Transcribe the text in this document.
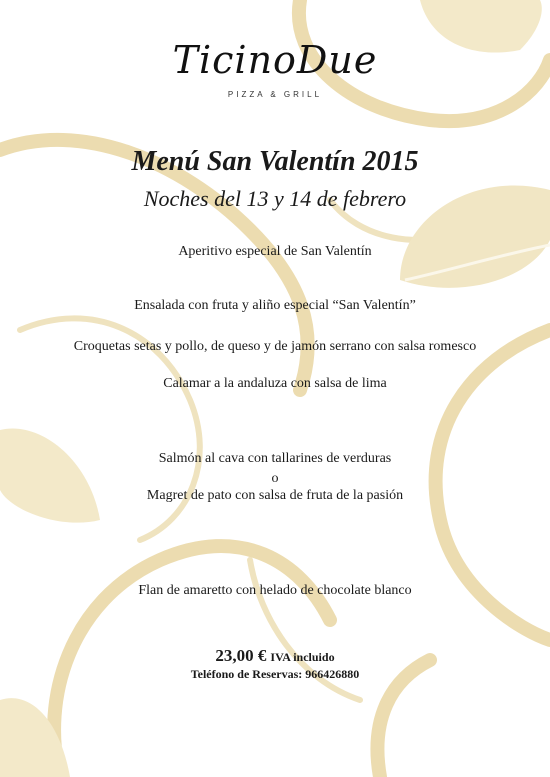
TicinoDue
PIZZA & GRILL
Menú San Valentín 2015
Noches del 13 y 14 de febrero
Aperitivo especial de San Valentín
Ensalada con fruta y aliño especial “San Valentín”
Croquetas setas y pollo, de queso y de jamón serrano con salsa romesco
Calamar a la andaluza con salsa de lima
Salmón al cava con tallarines de verduras
o
Magret de pato con salsa de fruta de la pasión
Flan de amaretto con helado de chocolate blanco
23,00 € IVA incluido
Teléfono de Reservas: 966426880
